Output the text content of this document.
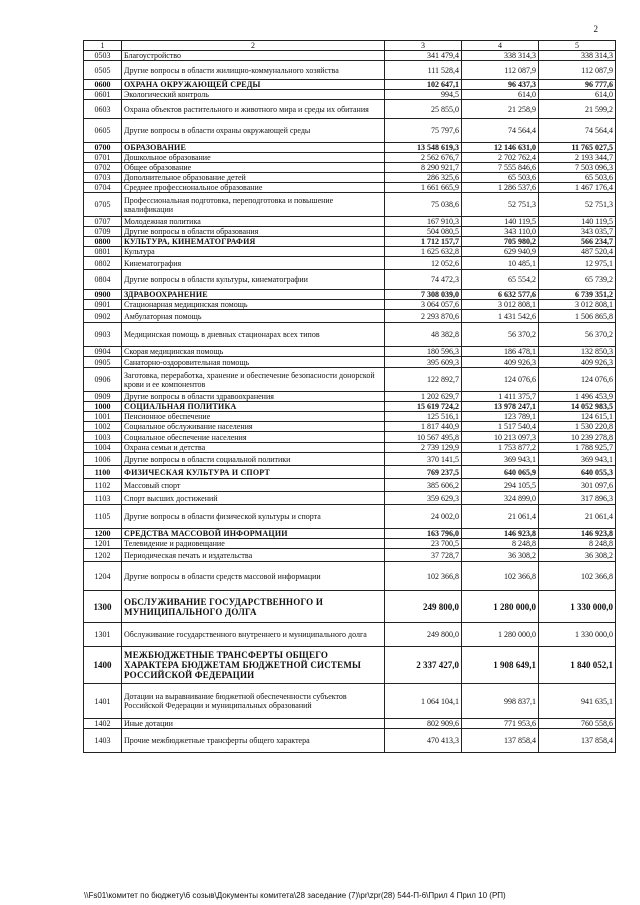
2
1	2	3	4	5
0503	Благоустройство	341 479,4	338 314,3	338 314,3
0505	Другие вопросы в области жилищно-коммунального хозяйства	111 528,4	112 087,9	112 087,9
0600	ОХРАНА ОКРУЖАЮЩЕЙ СРЕДЫ	102 647,1	96 437,3	96 777,6
0601	Экологический контроль	994,5	614,0	614,0
0603	Охрана объектов растительного и животного мира и среды их обитания	25 855,0	21 258,9	21 599,2
0605	Другие вопросы в области охраны окружающей среды	75 797,6	74 564,4	74 564,4
0700	ОБРАЗОВАНИЕ	13 548 619,3	12 146 631,0	11 765 027,5
0701	Дошкольное образование	2 562 676,7	2 702 762,4	2 193 344,7
0702	Общее образование	8 290 921,7	7 555 846,6	7 503 096,3
0703	Дополнительное образование детей	286 325,6	65 503,6	65 503,6
0704	Среднее профессиональное образование	1 661 665,9	1 286 537,6	1 467 176,4
0705	Профессиональная подготовка, переподготовка и повышение квалификации	75 038,6	52 751,3	52 751,3
0707	Молодежная политика	167 910,3	140 119,5	140 119,5
0709	Другие вопросы в области образования	504 080,5	343 110,0	343 035,7
0800	КУЛЬТУРА, КИНЕМАТОГРАФИЯ	1 712 157,7	705 980,2	566 234,7
0801	Культура	1 625 632,8	629 940,9	487 520,4
0802	Кинематография	12 052,6	10 485,1	12 975,1
0804	Другие вопросы в области культуры, кинематографии	74 472,3	65 554,2	65 739,2
0900	ЗДРАВООХРАНЕНИЕ	7 308 039,0	6 632 577,6	6 739 351,2
0901	Стационарная медицинская помощь	3 064 057,6	3 012 808,1	3 012 808,1
0902	Амбулаторная помощь	2 293 870,6	1 431 542,6	1 506 865,8
0903	Медицинская помощь в дневных стационарах всех типов	48 382,8	56 370,2	56 370,2
0904	Скорая медицинская помощь	180 596,3	186 478,1	132 850,3
0905	Санаторно-оздоровительная помощь	395 609,3	409 926,3	409 926,3
0906	Заготовка, переработка, хранение и обеспечение безопасности донорской крови и ее компонентов	122 892,7	124 076,6	124 076,6
0909	Другие вопросы в области здравоохранения	1 202 629,7	1 411 375,7	1 496 453,9
1000	СОЦИАЛЬНАЯ ПОЛИТИКА	15 619 724,2	13 978 247,1	14 052 983,5
1001	Пенсионное обеспечение	125 516,1	123 789,1	124 615,1
1002	Социальное обслуживание населения	1 817 440,9	1 517 540,4	1 530 220,8
1003	Социальное обеспечение населения	10 567 495,8	10 213 097,3	10 239 278,8
1004	Охрана семьи и детства	2 739 129,9	1 753 877,2	1 788 925,7
1006	Другие вопросы в области социальной политики	370 141,5	369 943,1	369 943,1
1100	ФИЗИЧЕСКАЯ КУЛЬТУРА И СПОРТ	769 237,5	640 065,9	640 055,3
1102	Массовый спорт	385 606,2	294 105,5	301 097,6
1103	Спорт высших достижений	359 629,3	324 899,0	317 896,3
1105	Другие вопросы в области физической культуры и спорта	24 002,0	21 061,4	21 061,4
1200	СРЕДСТВА МАССОВОЙ ИНФОРМАЦИИ	163 796,0	146 923,8	146 923,8
1201	Телевидение и радиовещание	23 700,5	8 248,8	8 248,8
1202	Периодическая печать и издательства	37 728,7	36 308,2	36 308,2
1204	Другие вопросы в области средств массовой информации	102 366,8	102 366,8	102 366,8
1300	ОБСЛУЖИВАНИЕ ГОСУДАРСТВЕННОГО И МУНИЦИПАЛЬНОГО ДОЛГА	249 800,0	1 280 000,0	1 330 000,0
1301	Обслуживание государственного внутреннего и муниципального долга	249 800,0	1 280 000,0	1 330 000,0
1400	МЕЖБЮДЖЕТНЫЕ ТРАНСФЕРТЫ ОБЩЕГО ХАРАКТЕРА БЮДЖЕТАМ БЮДЖЕТНОЙ СИСТЕМЫ РОССИЙСКОЙ ФЕДЕРАЦИИ	2 337 427,0	1 908 649,1	1 840 052,1
1401	Дотации на выравнивание бюджетной обеспеченности субъектов Российской Федерации и муниципальных образований	1 064 104,1	998 837,1	941 635,1
1402	Иные дотации	802 909,6	771 953,6	760 558,6
1403	Прочие межбюджетные трансферты общего характера	470 413,3	137 858,4	137 858,4
\\Fs01\комитет по бюджету\6 созыв\Документы комитета\28 заседание (7)\pr\zpr(28) 544-П-6\Прил 4 Прил 10 (РП)
